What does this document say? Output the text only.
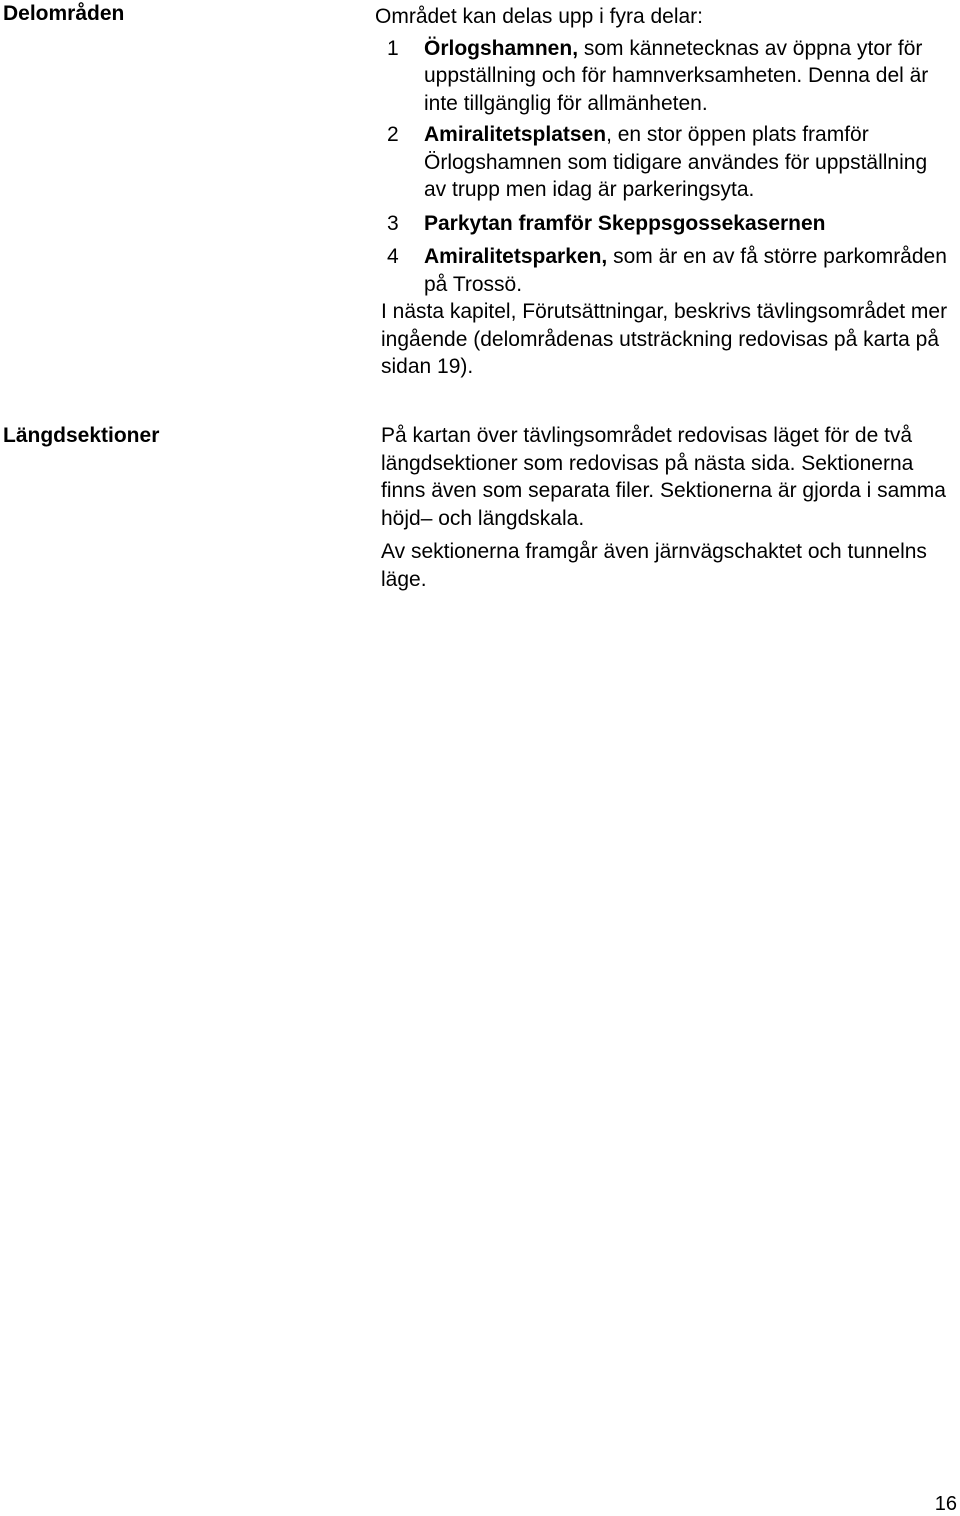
Delområden	Området kan delas upp i fyra delar:

1 Örlogshamnen, som kännetecknas av öppna ytor för uppställning och för hamnverksamheten. Denna del är inte tillgänglig för allmänheten.
2 Amiralitetsplatsen, en stor öppen plats framför Örlogshamnen som tidigare användes för uppställning av trupp men idag är parkeringsyta.
3 Parkytan framför Skeppsgossekasernen
4 Amiralitetsparken, som är en av få större parkområden på Trossö.

I nästa kapitel, Förutsättningar, beskrivs tävlingsområdet mer ingående (delområdenas utsträckning redovisas på karta på sidan 19).

Längdsektioner	På kartan över tävlingsområdet redovisas läget för de två längdsektioner som redovisas på nästa sida. Sektionerna finns även som separata filer. Sektionerna är gjorda i samma höjd– och längdskala.

Av sektionerna framgår även järnvägschaktet och tunnelns läge.

16
